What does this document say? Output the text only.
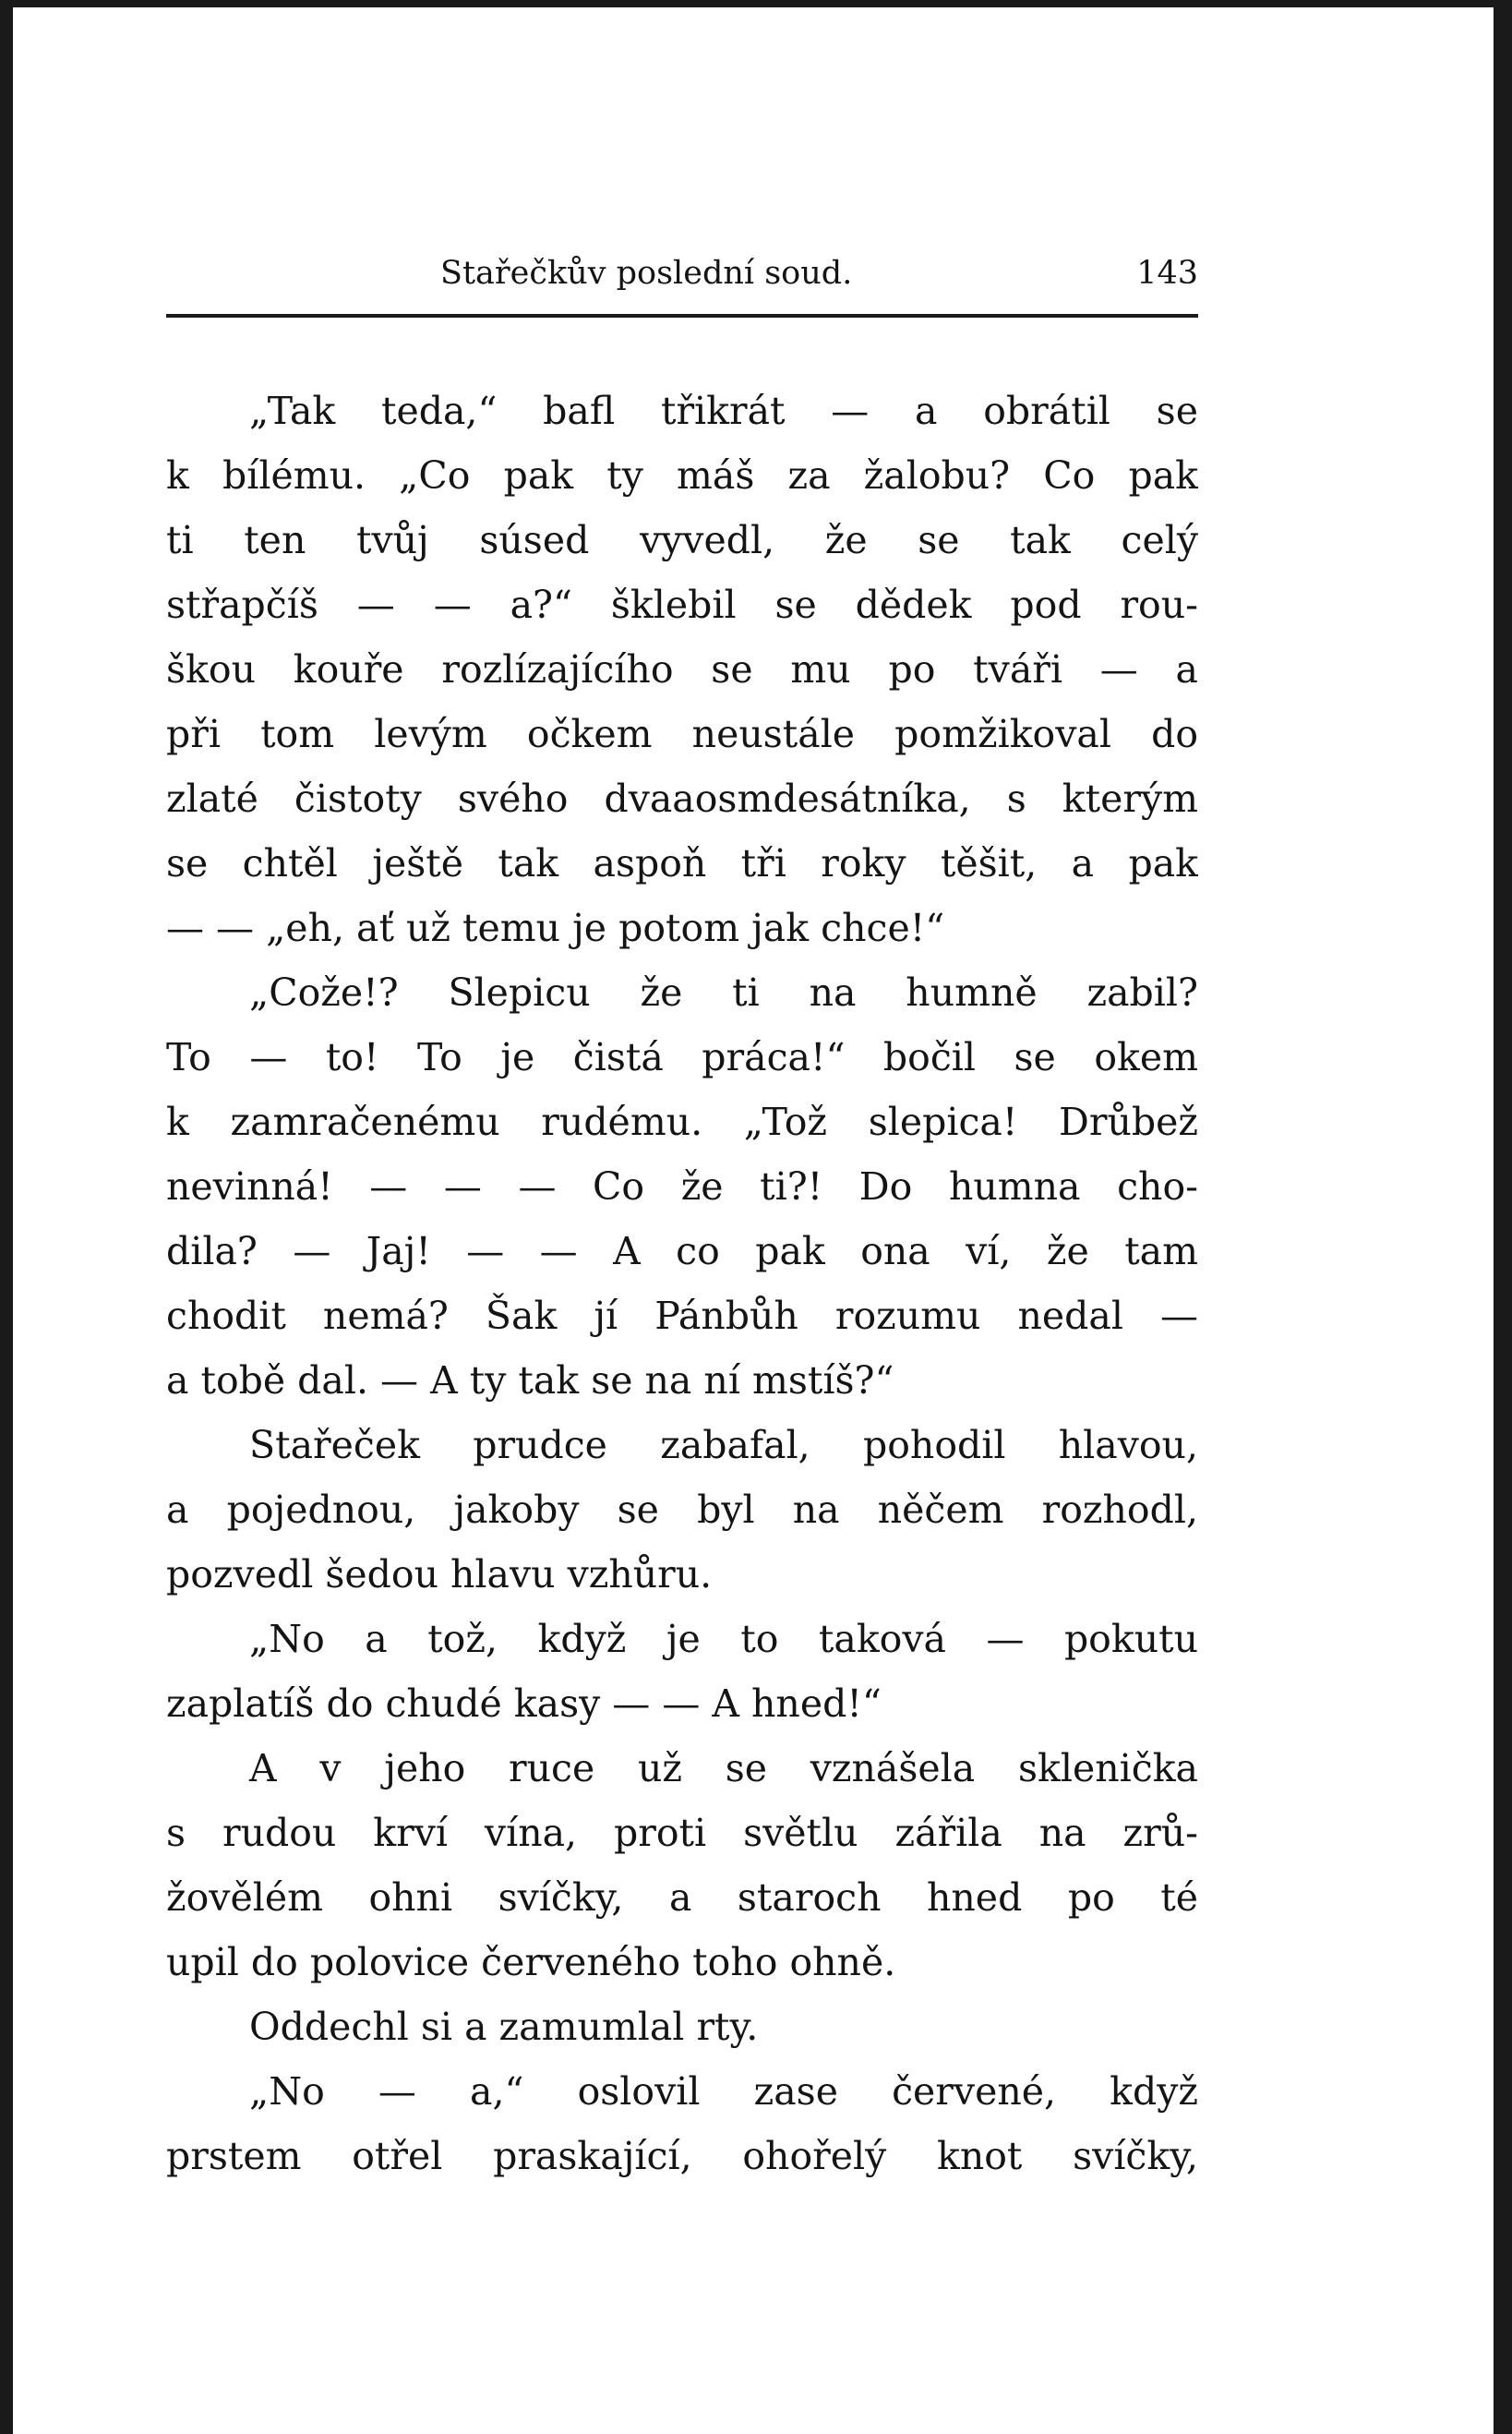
Stařečkův poslední soud.	143
„Tak teda,“ bafl třikrát — a obrátil se
k bílému. „Co pak ty máš za žalobu? Co pak
ti ten tvůj súsed vyvedl, že se tak celý
střapčíš — — a?“ šklebil se dědek pod rou-
škou kouře rozlízajícího se mu po tváři — a
při tom levým očkem neustále pomžikoval do
zlaté čistoty svého dvaaosmdesátníka, s kterým
se chtěl ještě tak aspoň tři roky těšit, a pak
— — „eh, ať už temu je potom jak chce!“
„Cože!? Slepicu že ti na humně zabil?
To — to! To je čistá práca!“ bočil se okem
k zamračenému rudému. „Tož slepica! Drůbež
nevinná! — — — Co že ti?! Do humna cho-
dila? — Jaj! — — A co pak ona ví, že tam
chodit nemá? Šak jí Pánbůh rozumu nedal —
a tobě dal. — A ty tak se na ní mstíš?“
Stařeček prudce zabafal, pohodil hlavou,
a pojednou, jakoby se byl na něčem rozhodl,
pozvedl šedou hlavu vzhůru.
„No a tož, když je to taková — pokutu
zaplatíš do chudé kasy — — A hned!“
A v jeho ruce už se vznášela sklenička
s rudou krví vína, proti světlu zářila na zrů-
žovělém ohni svíčky, a staroch hned po té
upil do polovice červeného toho ohně.
Oddechl si a zamumlal rty.
„No — a,“ oslovil zase červené, když
prstem otřel praskající, ohořelý knot svíčky,
